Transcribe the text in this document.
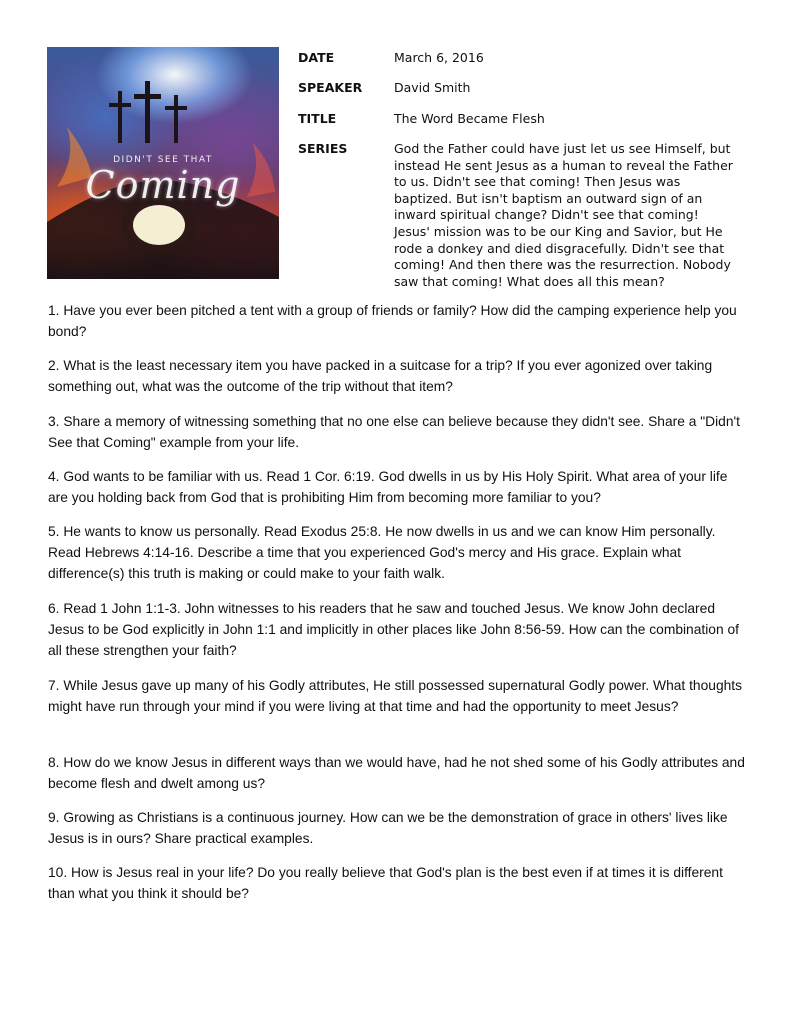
DIDN'T SEE THAT
Coming
DATE	March 6, 2016
SPEAKER	David Smith
TITLE	The Word Became Flesh
SERIES	God the Father could have just let us see Himself, but instead He sent Jesus as a human to reveal the Father to us. Didn't see that coming! Then Jesus was baptized. But isn't baptism an outward sign of an inward spiritual change? Didn't see that coming! Jesus' mission was to be our King and Savior, but He rode a donkey and died disgracefully. Didn't see that coming! And then there was the resurrection. Nobody saw that coming! What does all this mean?
1. Have you ever been pitched a tent with a group of friends or family? How did the camping experience help you bond?
2. What is the least necessary item you have packed in a suitcase for a trip? If you ever agonized over taking something out, what was the outcome of the trip without that item?
3. Share a memory of witnessing something that no one else can believe because they didn't see. Share a "Didn't See that Coming" example from your life.
4. God wants to be familiar with us. Read 1 Cor. 6:19. God dwells in us by His Holy Spirit. What area of your life are you holding back from God that is prohibiting Him from becoming more familiar to you?
5. He wants to know us personally. Read Exodus 25:8. He now dwells in us and we can know Him personally. Read Hebrews 4:14-16. Describe a time that you experienced God's mercy and His grace. Explain what difference(s) this truth is making or could make to your faith walk.
6. Read 1 John 1:1-3. John witnesses to his readers that he saw and touched Jesus. We know John declared Jesus to be God explicitly in John 1:1 and implicitly in other places like John 8:56-59. How can the combination of all these strengthen your faith?
7. While Jesus gave up many of his Godly attributes, He still possessed supernatural Godly power. What thoughts might have run through your mind if you were living at that time and had the opportunity to meet Jesus?
8. How do we know Jesus in different ways than we would have, had he not shed some of his Godly attributes and become flesh and dwelt among us?
9. Growing as Christians is a continuous journey. How can we be the demonstration of grace in others' lives like Jesus is in ours? Share practical examples.
10. How is Jesus real in your life? Do you really believe that God's plan is the best even if at times it is different than what you think it should be?
